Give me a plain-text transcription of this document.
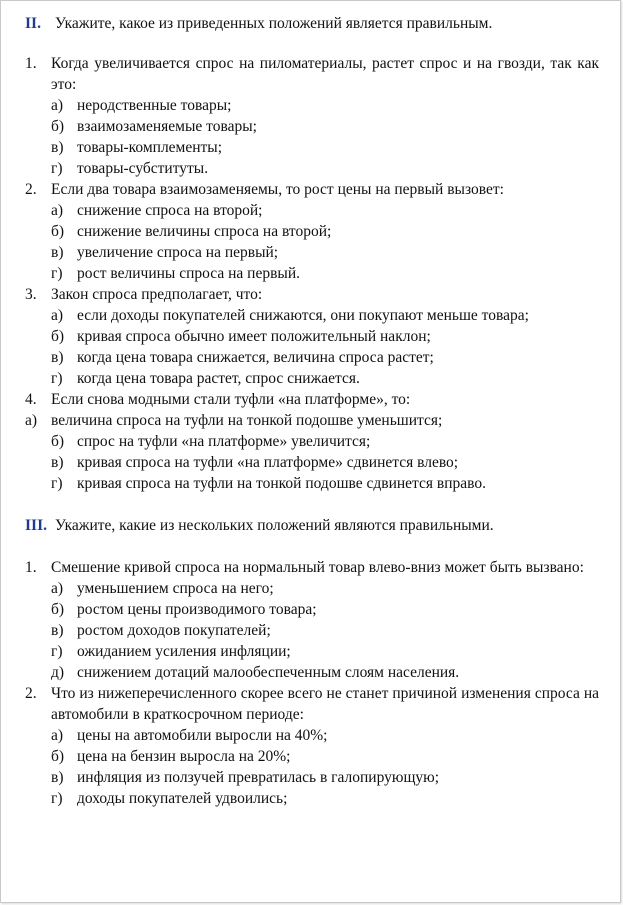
II. Укажите, какое из приведенных положений является правильным.
1. Когда увеличивается спрос на пиломатериалы, растет спрос и на гвозди, так как это:
а) неродственные товары;
б) взаимозаменяемые товары;
в) товары-комплементы;
г) товары-субституты.
2. Если два товара взаимозаменяемы, то рост цены на первый вызовет:
а) снижение спроса на второй;
б) снижение величины спроса на второй;
в) увеличение спроса на первый;
г) рост величины спроса на первый.
3. Закон спроса предполагает, что:
а) если доходы покупателей снижаются, они покупают меньше товара;
б) кривая спроса обычно имеет положительный наклон;
в) когда цена товара снижается, величина спроса растет;
г) когда цена товара растет, спрос снижается.
4. Если снова модными стали туфли «на платформе», то:
а) величина спроса на туфли на тонкой подошве уменьшится;
б) спрос на туфли «на платформе» увеличится;
в) кривая спроса на туфли «на платформе» сдвинется влево;
г) кривая спроса на туфли на тонкой подошве сдвинется вправо.
III. Укажите, какие из нескольких положений являются правильными.
1. Смешение кривой спроса на нормальный товар влево-вниз может быть вызвано:
а) уменьшением спроса на него;
б) ростом цены производимого товара;
в) ростом доходов покупателей;
г) ожиданием усиления инфляции;
д) снижением дотаций малообеспеченным слоям населения.
2. Что из нижеперечисленного скорее всего не станет причиной изменения спроса на автомобили в краткосрочном периоде:
а) цены на автомобили выросли на 40%;
б) цена на бензин выросла на 20%;
в) инфляция из ползучей превратилась в галопирующую;
г) доходы покупателей удвоились;
